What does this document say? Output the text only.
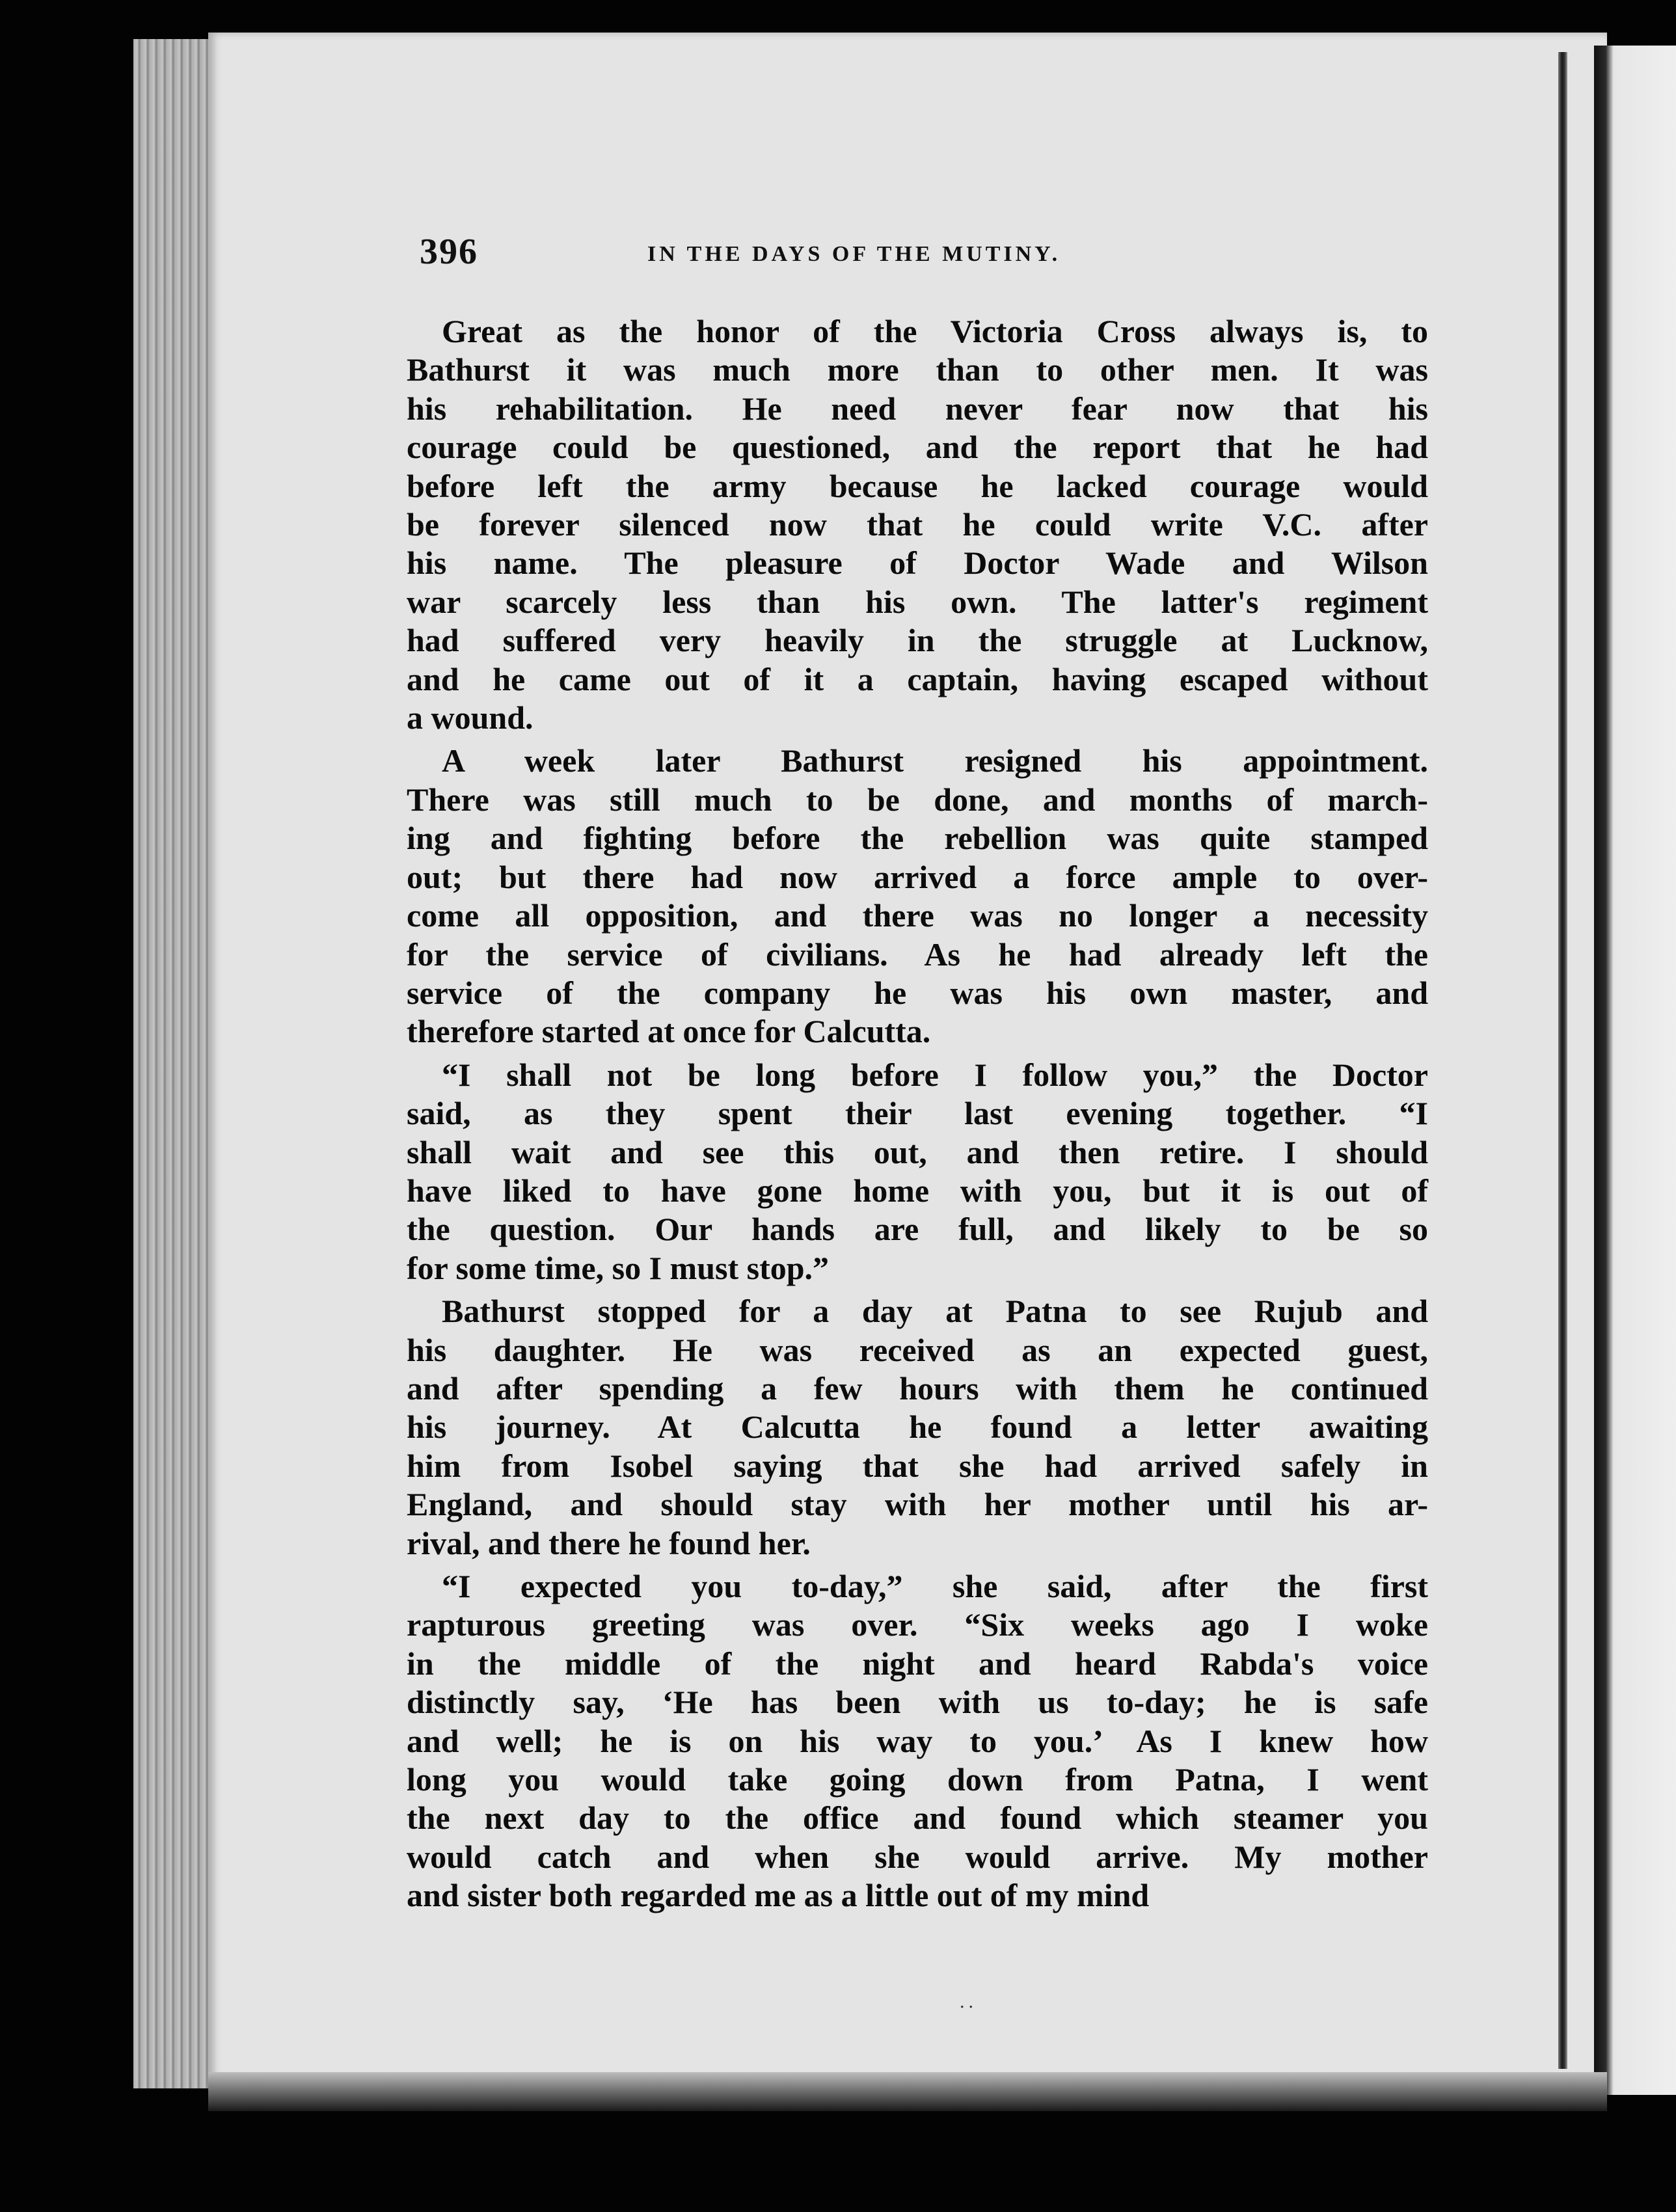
396	IN THE DAYS OF THE MUTINY.
Great as the honor of the Victoria Cross always is, to
Bathurst it was much more than to other men. It was
his rehabilitation. He need never fear now that his
courage could be questioned, and the report that he had
before left the army because he lacked courage would
be forever silenced now that he could write V.C. after
his name. The pleasure of Doctor Wade and Wilson
war scarcely less than his own. The latter's regiment
had suffered very heavily in the struggle at Lucknow,
and he came out of it a captain, having escaped without
a wound.
A week later Bathurst resigned his appointment.
There was still much to be done, and months of march-
ing and fighting before the rebellion was quite stamped
out; but there had now arrived a force ample to over-
come all opposition, and there was no longer a necessity
for the service of civilians. As he had already left the
service of the company he was his own master, and
therefore started at once for Calcutta.
“I shall not be long before I follow you,” the Doctor
said, as they spent their last evening together. “I
shall wait and see this out, and then retire. I should
have liked to have gone home with you, but it is out of
the question. Our hands are full, and likely to be so
for some time, so I must stop.”
Bathurst stopped for a day at Patna to see Rujub and
his daughter. He was received as an expected guest,
and after spending a few hours with them he continued
his journey. At Calcutta he found a letter awaiting
him from Isobel saying that she had arrived safely in
England, and should stay with her mother until his ar-
rival, and there he found her.
“I expected you to-day,” she said, after the first
rapturous greeting was over. “Six weeks ago I woke
in the middle of the night and heard Rabda's voice
distinctly say, ‘He has been with us to-day; he is safe
and well; he is on his way to you.’ As I knew how
long you would take going down from Patna, I went
the next day to the office and found which steamer you
would catch and when she would arrive. My mother
and sister both regarded me as a little out of my mind
..
